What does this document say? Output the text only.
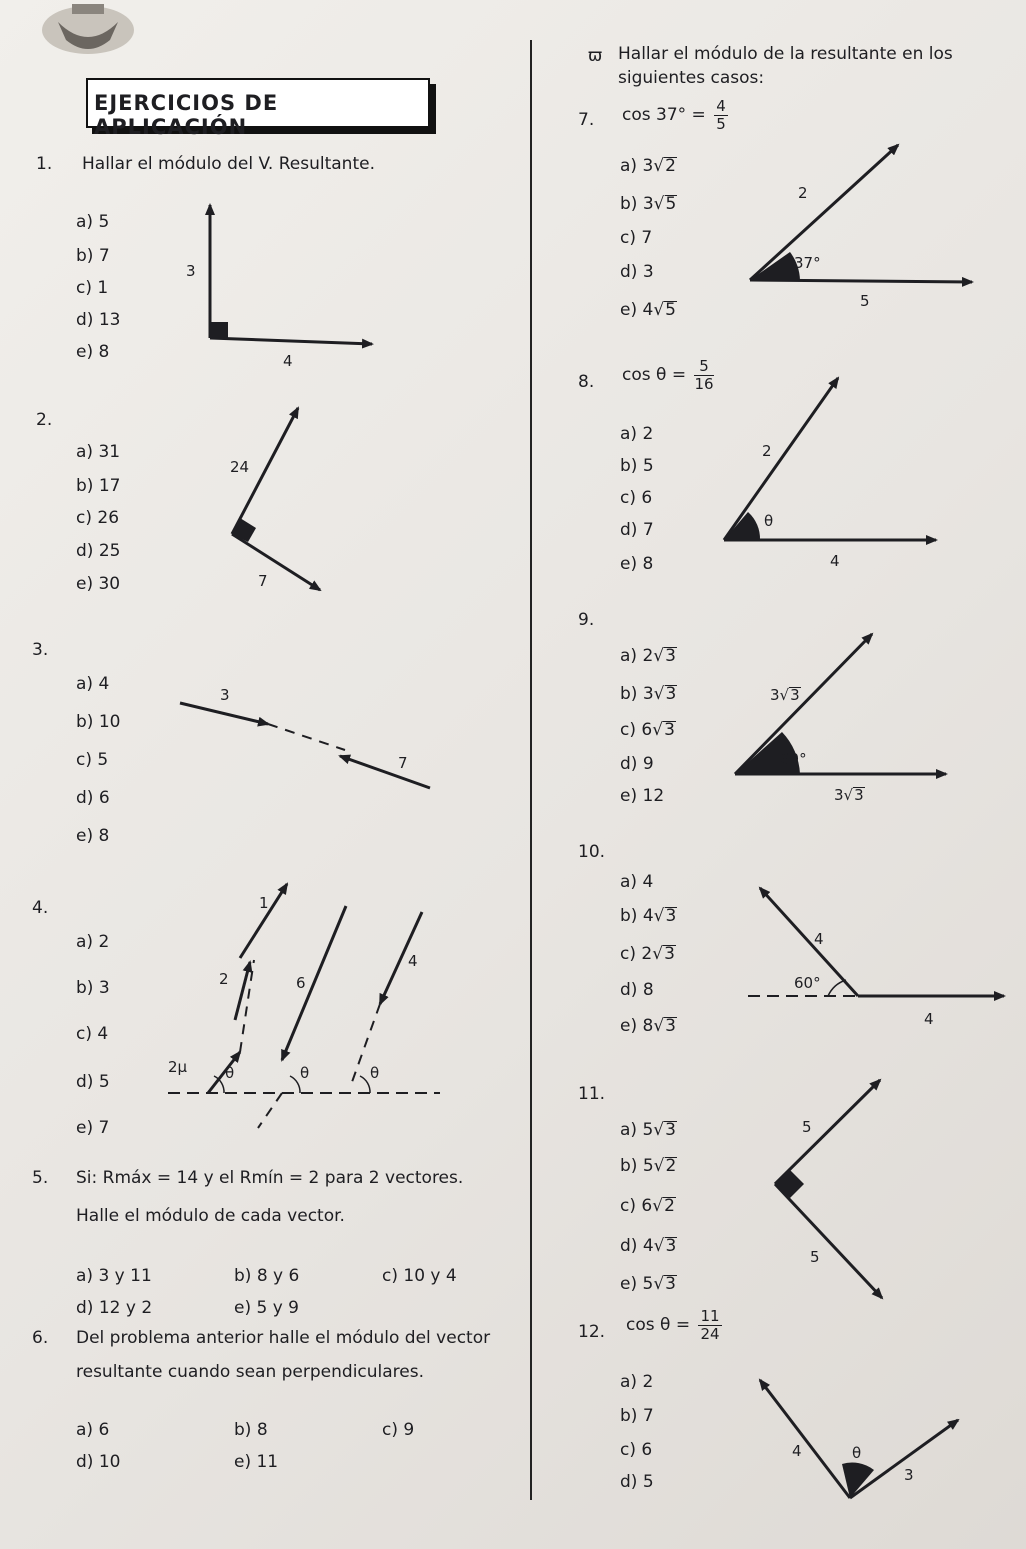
EJERCICIOS DE APLICACIÓN
ϖ Hallar el módulo de la resultante en los
siguientes casos:
1. Hallar el módulo del V. Resultante.
a) 5
b) 7
c) 1
d) 13
e) 8
3
4
2.
a) 31
b) 17
c) 26
d) 25
e) 30
24
7
3.
a) 4
b) 10
c) 5
d) 6
e) 8
3
7
4.
a) 2
b) 3
c) 4
d) 5
e) 7
1
2	6
4
2μ	θ	θ	θ
5. Si: Rmáx = 14 y el Rmín = 2 para 2 vectores.
Halle el módulo de cada vector.
a) 3 y 11	b) 8 y 6	c) 10 y 4
d) 12 y 2	e) 5 y 9
6. Del problema anterior halle el módulo del vector
resultante cuando sean perpendiculares.
a) 6	b) 8	c) 9
d) 10	e) 11
7. $\cos 37^\circ = \frac{4}{5}$
a) 3√2
b) 3√5
c) 7
d) 3
e) 4√5
2
37°
5
8. $\cos \theta = \frac{5}{16}$
a) 2
b) 5
c) 6
d) 7
e) 8
2
θ
4
9.
a) 2√3
b) 3√3
c) 6√3
d) 9
e) 12
3√3
60°
3√3
10.
a) 4
b) 4√3
c) 2√3
d) 8
e) 8√3
4
60°
4
11.
a) 5√3
b) 5√2
c) 6√2
d) 4√3
e) 5√3
5
5
12. $\cos \theta = \frac{11}{24}$
a) 2
b) 7
c) 6
d) 5
4	θ
3
